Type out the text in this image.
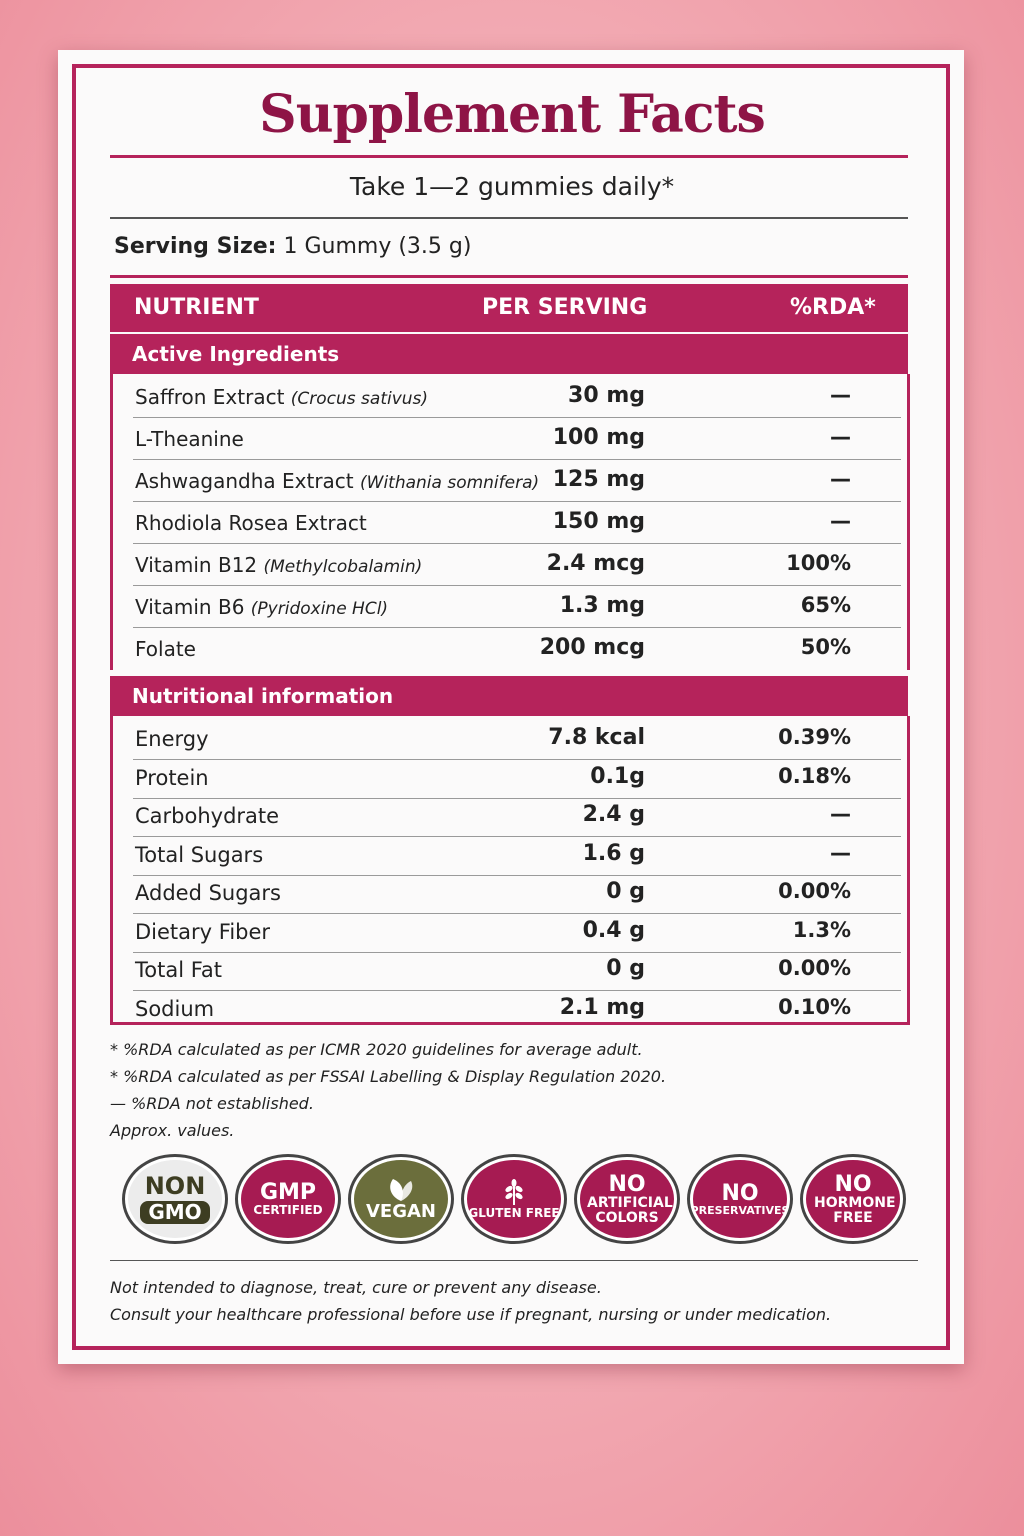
Supplement Facts
Take 1—2 gummies daily*
Serving Size: 1 Gummy (3.5 g)
NUTRIENT	PER SERVING	%RDA*
Active Ingredients
Saffron Extract (Crocus sativus)	30 mg	—
L-Theanine	100 mg	—
Ashwagandha Extract (Withania somnifera) 125 mg	—
Rhodiola Rosea Extract	150 mg	—
Vitamin B12 (Methylcobalamin)	2.4 mcg	100%
Vitamin B6 (Pyridoxine HCl)	1.3 mg	65%
Folate	200 mcg	50%
Nutritional information
Energy	7.8 kcal	0.39%
Protein	0.1g	0.18%
Carbohydrate	2.4 g	—
Total Sugars	1.6 g	—
Added Sugars	0 g	0.00%
Dietary Fiber	0.4 g	1.3%
Total Fat	0 g	0.00%
Sodium	2.1 mg	0.10%
* %RDA calculated as per ICMR 2020 guidelines for average adult.
* %RDA calculated as per FSSAI Labelling & Display Regulation 2020.
— %RDA not established.
Approx. values.
NON
GMO
GMP
CERTIFIED VEGAN	GLUTEN FREE
NO
ARTIFICIAL COLORS
NO
PRESERVATIVES
NO
HORMONE FREE
Not intended to diagnose, treat, cure or prevent any disease.
Consult your healthcare professional before use if pregnant, nursing or under medication.
